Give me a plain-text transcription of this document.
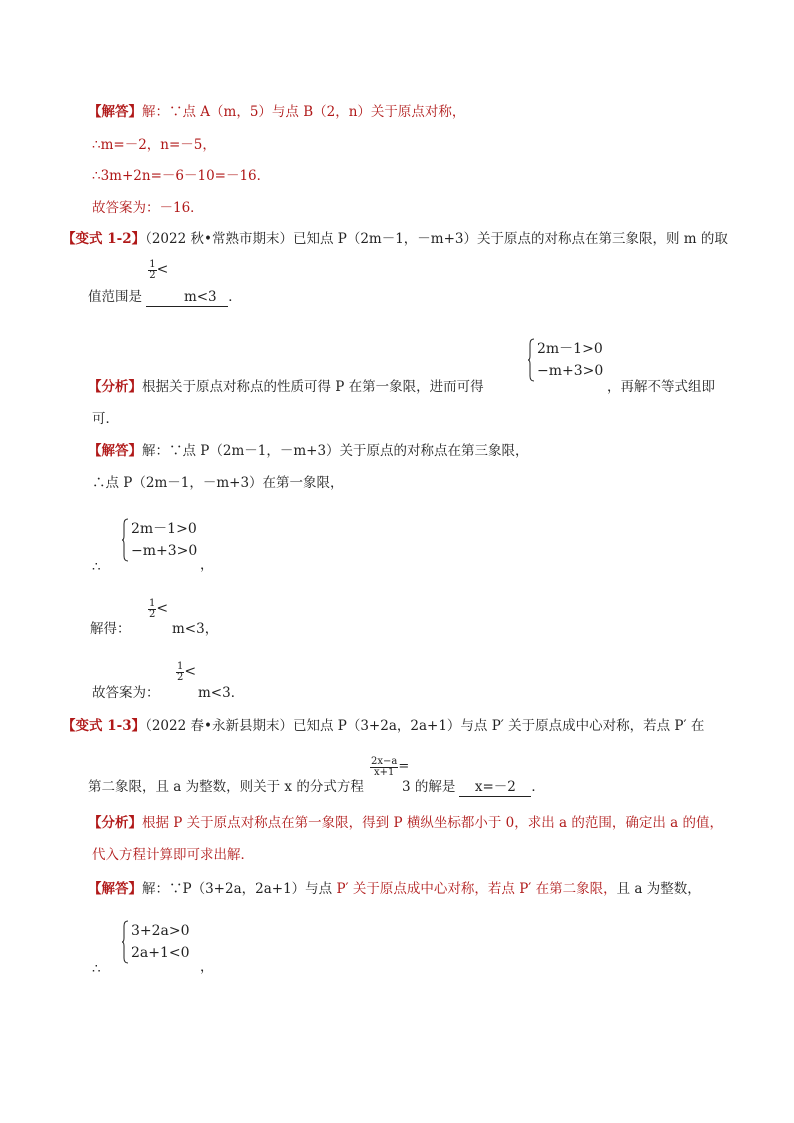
【解答】解：∵点 A（m，5）与点 B（2，n）关于原点对称，
∴m=－2，n=－5，
∴3m+2n=－6－10=－16．
故答案为：－16．
【变式 1-2】（2022 秋•常熟市期末）已知点 P（2m－1，－m+3）关于原点的对称点在第三象限，则 m 的取
值范围是
$\frac{1}{2}$ <
m<3 ．
2m－1>0
−m+3>0
【分析】根据关于原点对称点的性质可得 P 在第一象限，进而可得	，再解不等式组即
可．
【解答】解：∵点 P（2m－1，－m+3）关于原点的对称点在第三象限，
∴点 P（2m－1，－m+3）在第一象限，
2m－1>0
−m+3>0
∴	，
$\frac{1}{2}$ <
解得：	m<3，
$\frac{1}{2}$ <
故答案为：	m<3．
【变式 1-3】（2022 春•永新县期末）已知点 P（3+2a，2a+1）与点 P′ 关于原点成中心对称，若点 P′ 在
$\frac{2x-a}{x+1}$ =
第二象限，且 a 为整数，则关于 x 的分式方程	3 的解是 x=－2 ．
【分析】根据 P 关于原点对称点在第一象限，得到 P 横纵坐标都小于 0，求出 a 的范围，确定出 a 的值，
代入方程计算即可求出解．
【解答】解：∵P（3+2a，2a+1）与点 P′ 关于原点成中心对称，若点 P′ 在第二象限，且 a 为整数，
3+2a>0
2a+1<0
∴	，
